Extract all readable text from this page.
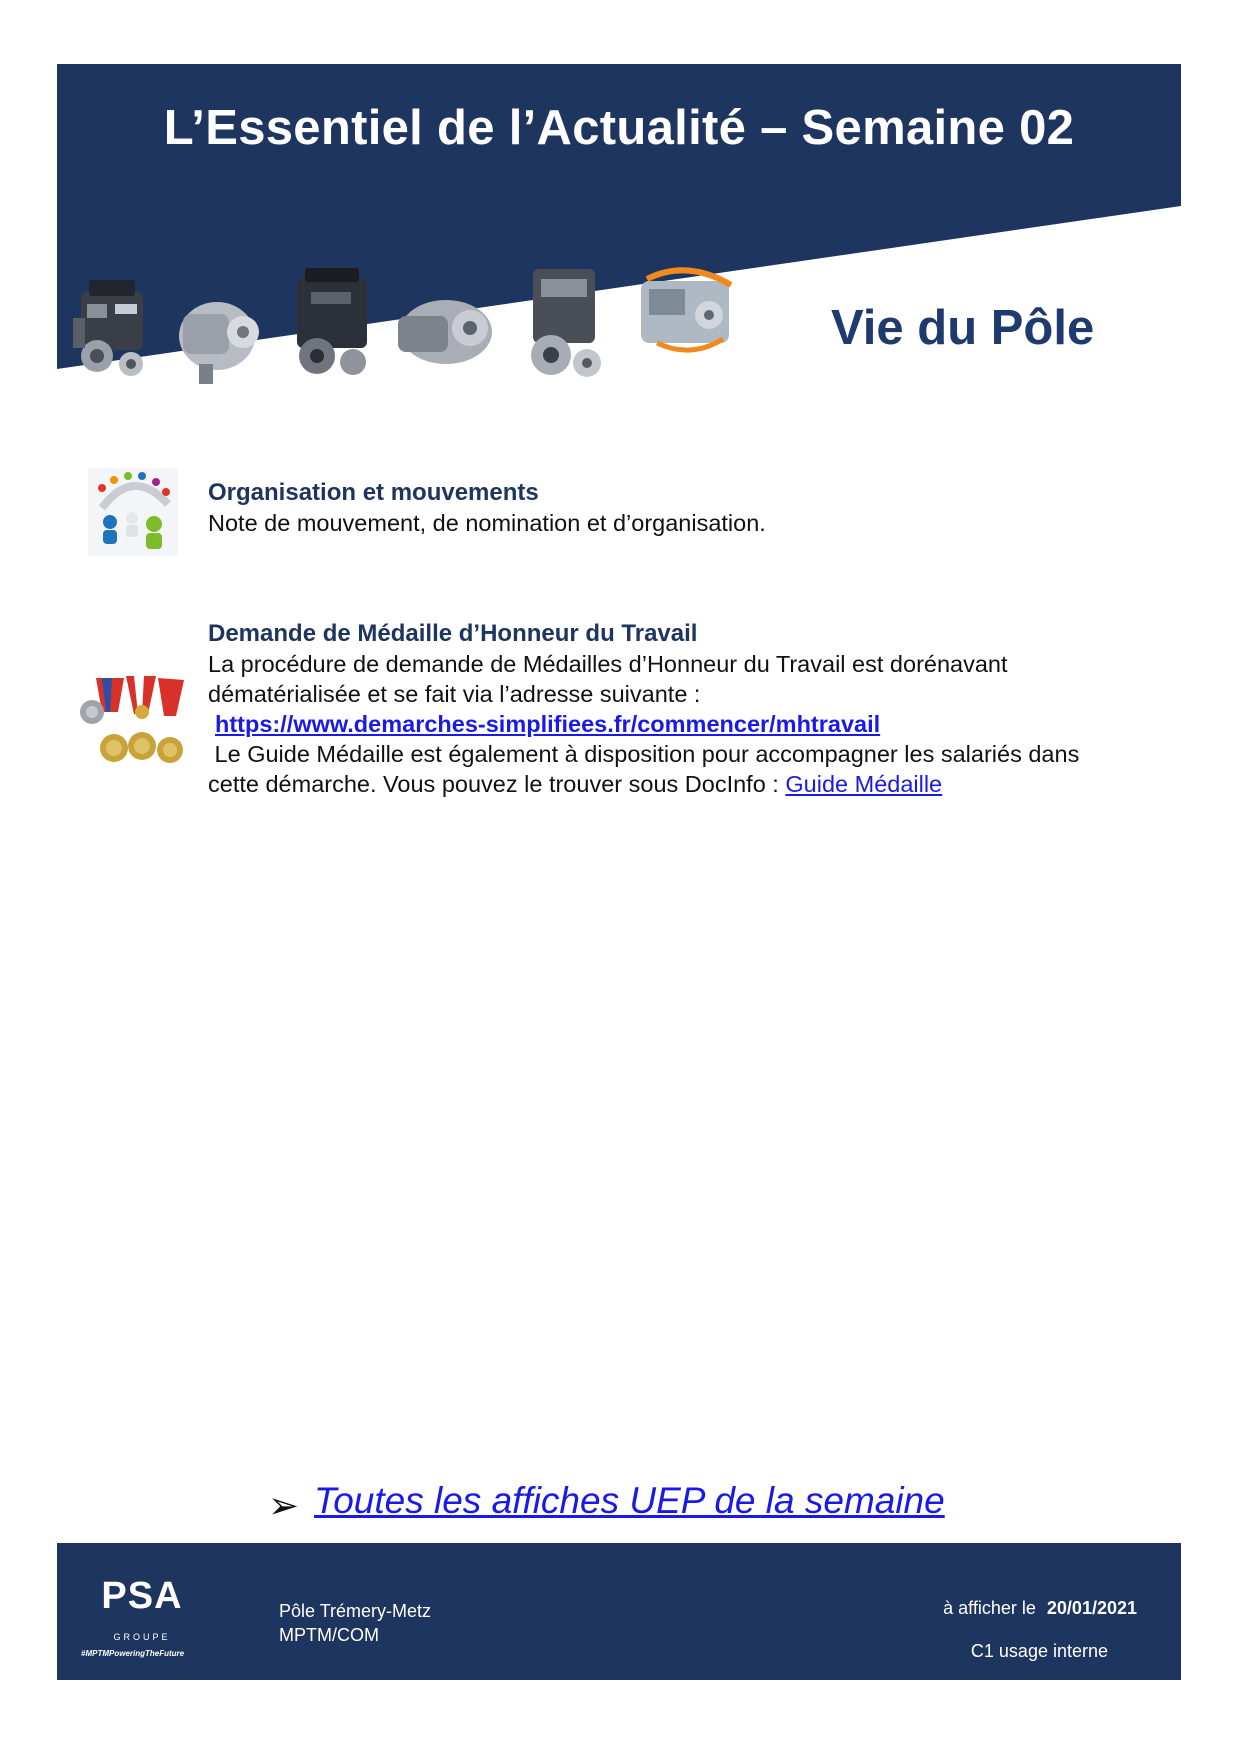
L’Essentiel de l’Actualité – Semaine 02
Vie du Pôle

Organisation et mouvements

Note de mouvement, de nomination et d’organisation.

Demande de Médaille d’Honneur du Travail

La procédure de demande de Médailles d’Honneur du Travail est dorénavant

dématérialisée et se fait via l’adresse suivante :

https://www.demarches-simplifiees.fr/commencer/mhtravail

Le Guide Médaille est également à disposition pour accompagner les salariés dans

cette démarche. Vous pouvez le trouver sous DocInfo : Guide Médaille

➢ Toutes les affiches UEP de la semaine
PSA
GROUPE
#MPTMPoweringTheFuture
Pôle Trémery-Metz
MPTM/COM
à afficher le 20/01/2021
C1 usage interne
